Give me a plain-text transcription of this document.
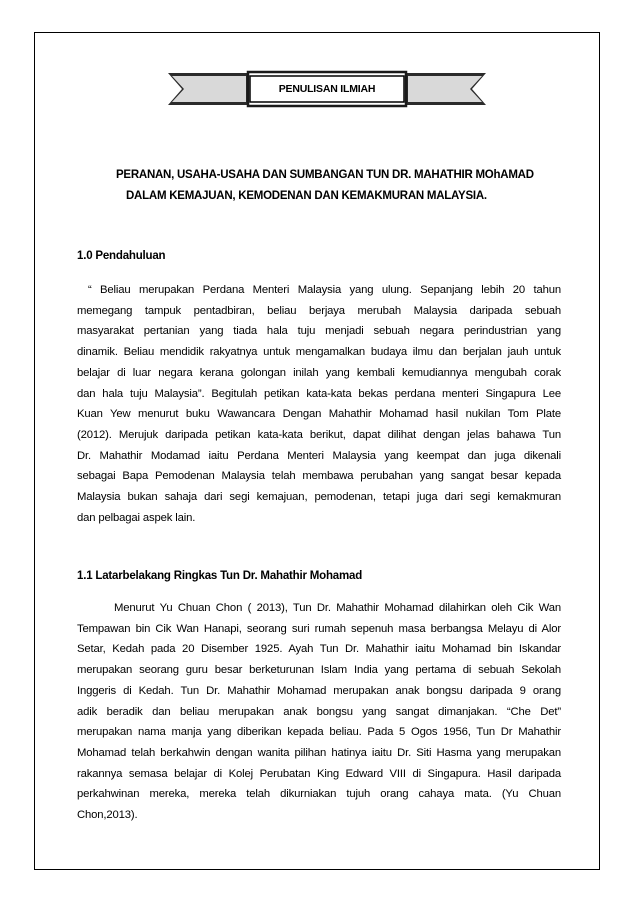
PENULISAN ILMIAH
PERANAN, USAHA-USAHA DAN SUMBANGAN TUN DR. MAHATHIR MOhAMAD
DALAM KEMAJUAN, KEMODENAN DAN KEMAKMURAN MALAYSIA.
1.0 Pendahuluan
“ Beliau merupakan Perdana Menteri Malaysia yang ulung. Sepanjang lebih 20 tahun
memegang tampuk pentadbiran, beliau berjaya merubah Malaysia daripada sebuah
masyarakat pertanian yang tiada hala tuju menjadi sebuah negara perindustrian yang
dinamik. Beliau mendidik rakyatnya untuk mengamalkan budaya ilmu dan berjalan jauh untuk
belajar di luar negara kerana golongan inilah yang kembali kemudiannya mengubah corak
dan hala tuju Malaysia”. Begitulah petikan kata-kata bekas perdana menteri Singapura Lee
Kuan Yew menurut buku Wawancara Dengan Mahathir Mohamad hasil nukilan Tom Plate
(2012). Merujuk daripada petikan kata-kata berikut, dapat dilihat dengan jelas bahawa Tun
Dr. Mahathir Modamad iaitu Perdana Menteri Malaysia yang keempat dan juga dikenali
sebagai Bapa Pemodenan Malaysia telah membawa perubahan yang sangat besar kepada
Malaysia bukan sahaja dari segi kemajuan, pemodenan, tetapi juga dari segi kemakmuran
dan pelbagai aspek lain.
1.1 Latarbelakang Ringkas Tun Dr. Mahathir Mohamad
Menurut Yu Chuan Chon ( 2013), Tun Dr. Mahathir Mohamad dilahirkan oleh Cik Wan
Tempawan bin Cik Wan Hanapi, seorang suri rumah sepenuh masa berbangsa Melayu di Alor
Setar, Kedah pada 20 Disember 1925. Ayah Tun Dr. Mahathir iaitu Mohamad bin Iskandar
merupakan seorang guru besar berketurunan Islam India yang pertama di sebuah Sekolah
Inggeris di Kedah. Tun Dr. Mahathir Mohamad merupakan anak bongsu daripada 9 orang
adik beradik dan beliau merupakan anak bongsu yang sangat dimanjakan. “Che Det”
merupakan nama manja yang diberikan kepada beliau. Pada 5 Ogos 1956, Tun Dr Mahathir
Mohamad telah berkahwin dengan wanita pilihan hatinya iaitu Dr. Siti Hasma yang merupakan
rakannya semasa belajar di Kolej Perubatan King Edward VIII di Singapura. Hasil daripada
perkahwinan mereka, mereka telah dikurniakan tujuh orang cahaya mata. (Yu Chuan
Chon,2013).
